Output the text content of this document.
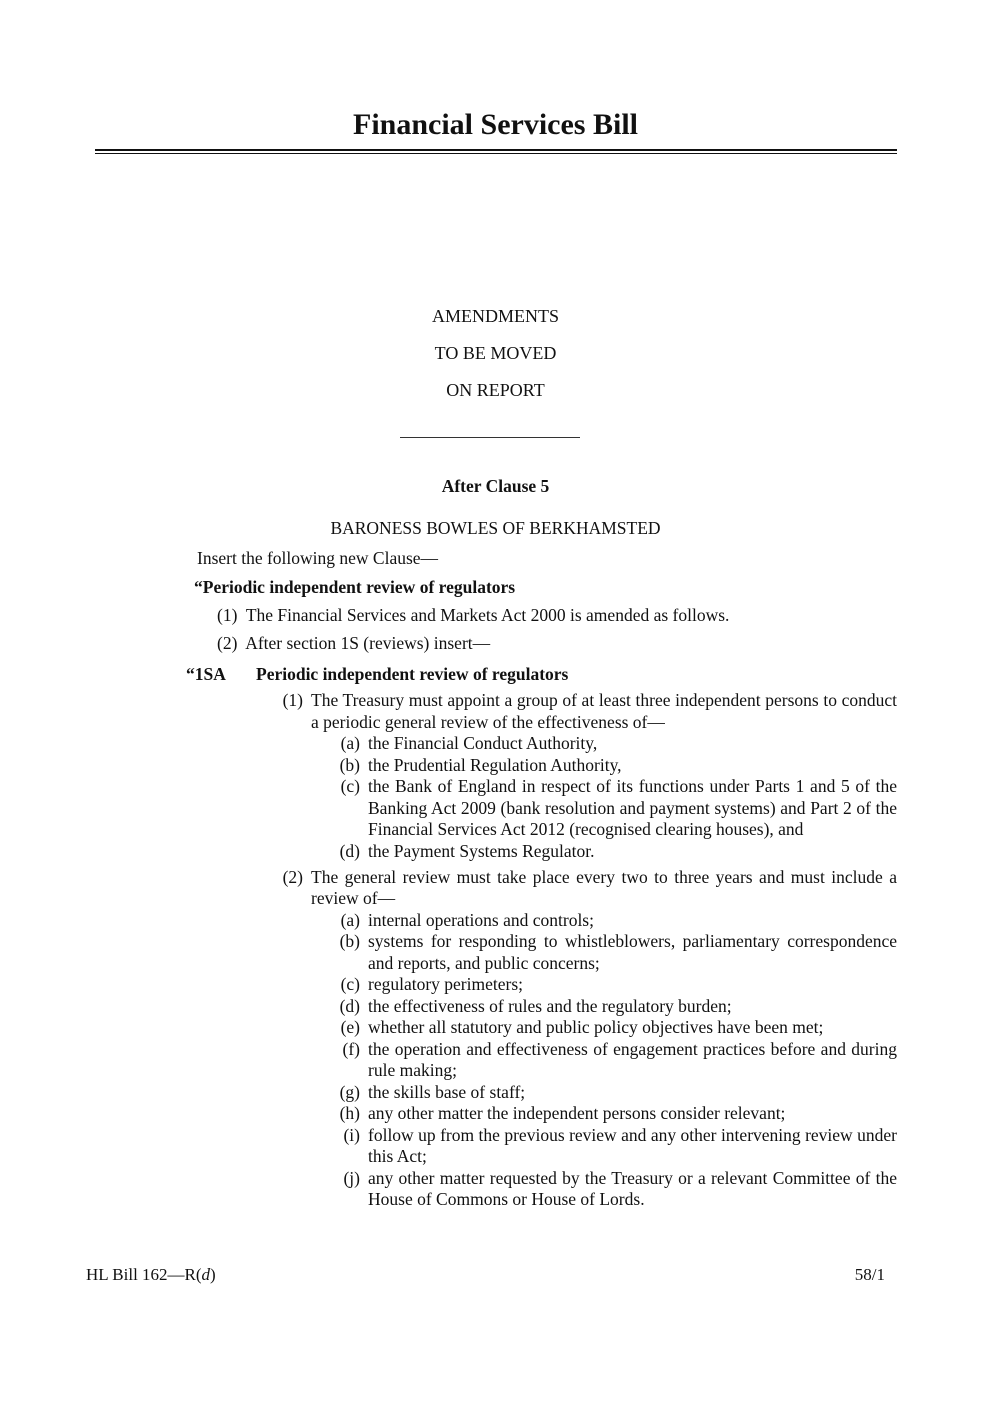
Financial Services Bill
AMENDMENTS
TO BE MOVED
ON REPORT
After Clause 5
BARONESS BOWLES OF BERKHAMSTED
Insert the following new Clause—
“Periodic independent review of regulators
(1) The Financial Services and Markets Act 2000 is amended as follows.
(2) After section 1S (reviews) insert—
“1SA Periodic independent review of regulators
(1) The Treasury must appoint a group of at least three independent persons to conduct a periodic general review of the effectiveness of—
(a) the Financial Conduct Authority,
(b) the Prudential Regulation Authority,
(c) the Bank of England in respect of its functions under Parts 1 and 5 of the Banking Act 2009 (bank resolution and payment systems) and Part 2 of the Financial Services Act 2012 (recognised clearing houses), and
(d) the Payment Systems Regulator.
(2) The general review must take place every two to three years and must include a review of—
(a) internal operations and controls;
(b) systems for responding to whistleblowers, parliamentary correspondence and reports, and public concerns;
(c) regulatory perimeters;
(d) the effectiveness of rules and the regulatory burden;
(e) whether all statutory and public policy objectives have been met;
(f) the operation and effectiveness of engagement practices before and during rule making;
(g) the skills base of staff;
(h) any other matter the independent persons consider relevant;
(i) follow up from the previous review and any other intervening review under this Act;
(j) any other matter requested by the Treasury or a relevant Committee of the House of Commons or House of Lords.
HL Bill 162—R(d)	58/1
